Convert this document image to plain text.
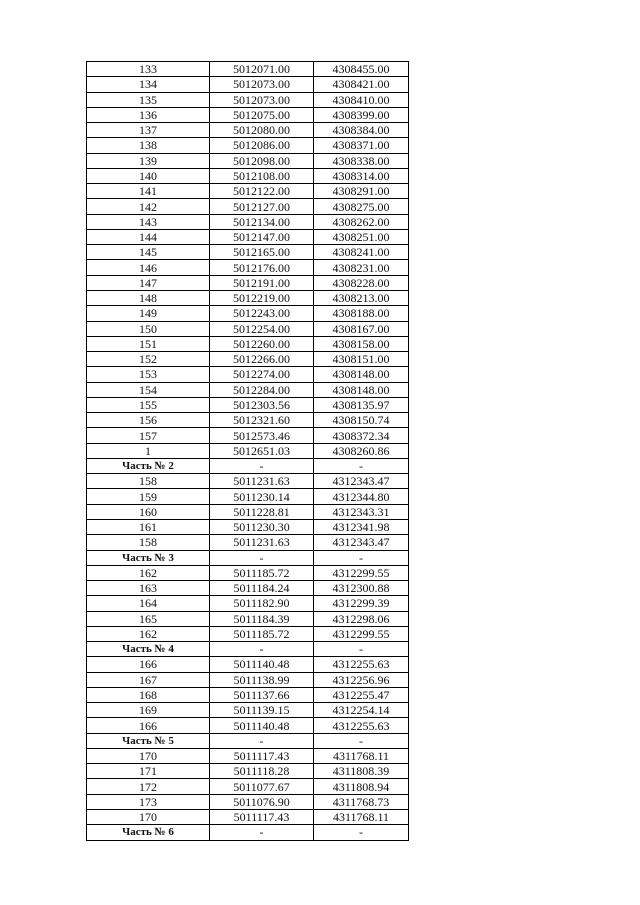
133	5012071.00	4308455.00
134	5012073.00	4308421.00
135	5012073.00	4308410.00
136	5012075.00	4308399.00
137	5012080.00	4308384.00
138	5012086.00	4308371.00
139	5012098.00	4308338.00
140	5012108.00	4308314.00
141	5012122.00	4308291.00
142	5012127.00	4308275.00
143	5012134.00	4308262.00
144	5012147.00	4308251.00
145	5012165.00	4308241.00
146	5012176.00	4308231.00
147	5012191.00	4308228.00
148	5012219.00	4308213.00
149	5012243.00	4308188.00
150	5012254.00	4308167.00
151	5012260.00	4308158.00
152	5012266.00	4308151.00
153	5012274.00	4308148.00
154	5012284.00	4308148.00
155	5012303.56	4308135.97
156	5012321.60	4308150.74
157	5012573.46	4308372.34
1	5012651.03	4308260.86
Часть № 2	-	-
158	5011231.63	4312343.47
159	5011230.14	4312344.80
160	5011228.81	4312343.31
161	5011230.30	4312341.98
158	5011231.63	4312343.47
Часть № 3	-	-
162	5011185.72	4312299.55
163	5011184.24	4312300.88
164	5011182.90	4312299.39
165	5011184.39	4312298.06
162	5011185.72	4312299.55
Часть № 4	-	-
166	5011140.48	4312255.63
167	5011138.99	4312256.96
168	5011137.66	4312255.47
169	5011139.15	4312254.14
166	5011140.48	4312255.63
Часть № 5	-	-
170	5011117.43	4311768.11
171	5011118.28	4311808.39
172	5011077.67	4311808.94
173	5011076.90	4311768.73
170	5011117.43	4311768.11
Часть № 6	-	-
